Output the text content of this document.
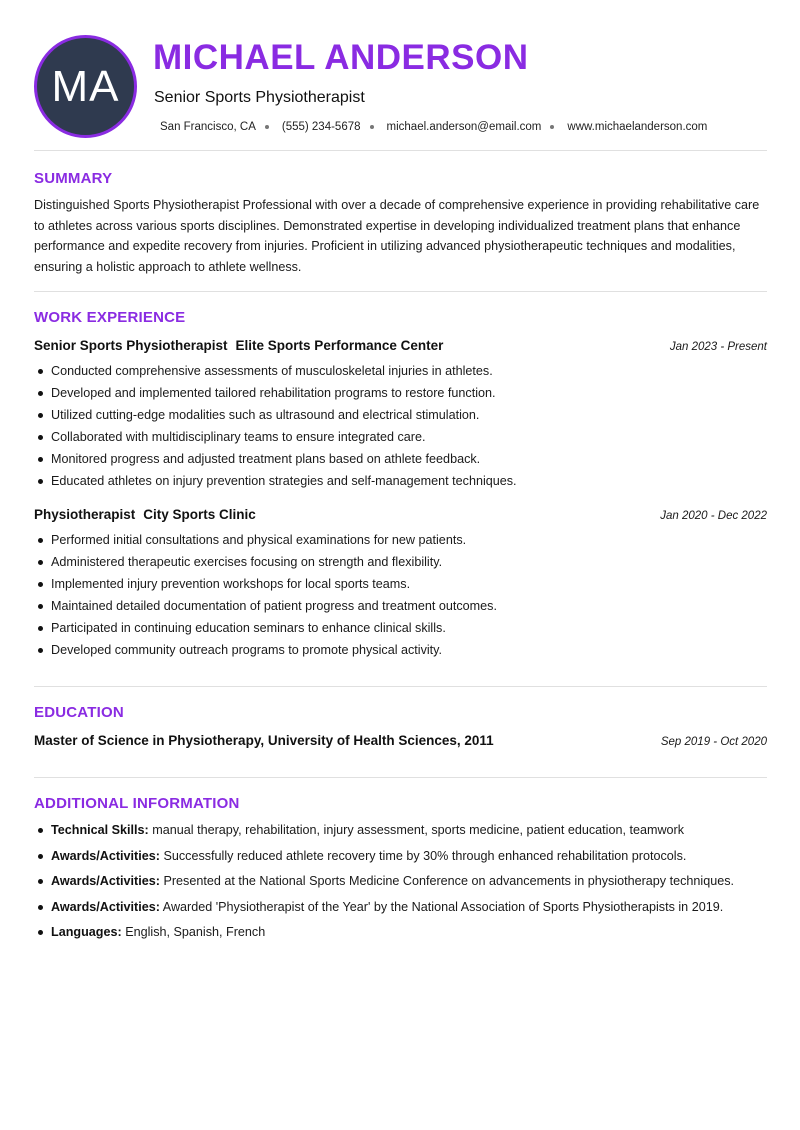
MA
MICHAEL ANDERSON
Senior Sports Physiotherapist
San Francisco, CA (555) 234-5678 michael.anderson@email.com www.michaelanderson.com
SUMMARY
Distinguished Sports Physiotherapist Professional with over a decade of comprehensive experience in providing rehabilitative care to athletes across various sports disciplines. Demonstrated expertise in developing individualized treatment plans that enhance performance and expedite recovery from injuries. Proficient in utilizing advanced physiotherapeutic techniques and modalities, ensuring a holistic approach to athlete wellness.
WORK EXPERIENCE
Senior Sports Physiotherapist Elite Sports Performance Center	Jan 2023 - Present
Conducted comprehensive assessments of musculoskeletal injuries in athletes.
Developed and implemented tailored rehabilitation programs to restore function.
Utilized cutting-edge modalities such as ultrasound and electrical stimulation.
Collaborated with multidisciplinary teams to ensure integrated care.
Monitored progress and adjusted treatment plans based on athlete feedback.
Educated athletes on injury prevention strategies and self-management techniques.
Physiotherapist City Sports Clinic	Jan 2020 - Dec 2022
Performed initial consultations and physical examinations for new patients.
Administered therapeutic exercises focusing on strength and flexibility.
Implemented injury prevention workshops for local sports teams.
Maintained detailed documentation of patient progress and treatment outcomes.
Participated in continuing education seminars to enhance clinical skills.
Developed community outreach programs to promote physical activity.
EDUCATION
Master of Science in Physiotherapy, University of Health Sciences, 2011	Sep 2019 - Oct 2020
ADDITIONAL INFORMATION
Technical Skills: manual therapy, rehabilitation, injury assessment, sports medicine, patient education, teamwork
Awards/Activities: Successfully reduced athlete recovery time by 30% through enhanced rehabilitation protocols.
Awards/Activities: Presented at the National Sports Medicine Conference on advancements in physiotherapy techniques.
Awards/Activities: Awarded 'Physiotherapist of the Year' by the National Association of Sports Physiotherapists in 2019.
Languages: English, Spanish, French
